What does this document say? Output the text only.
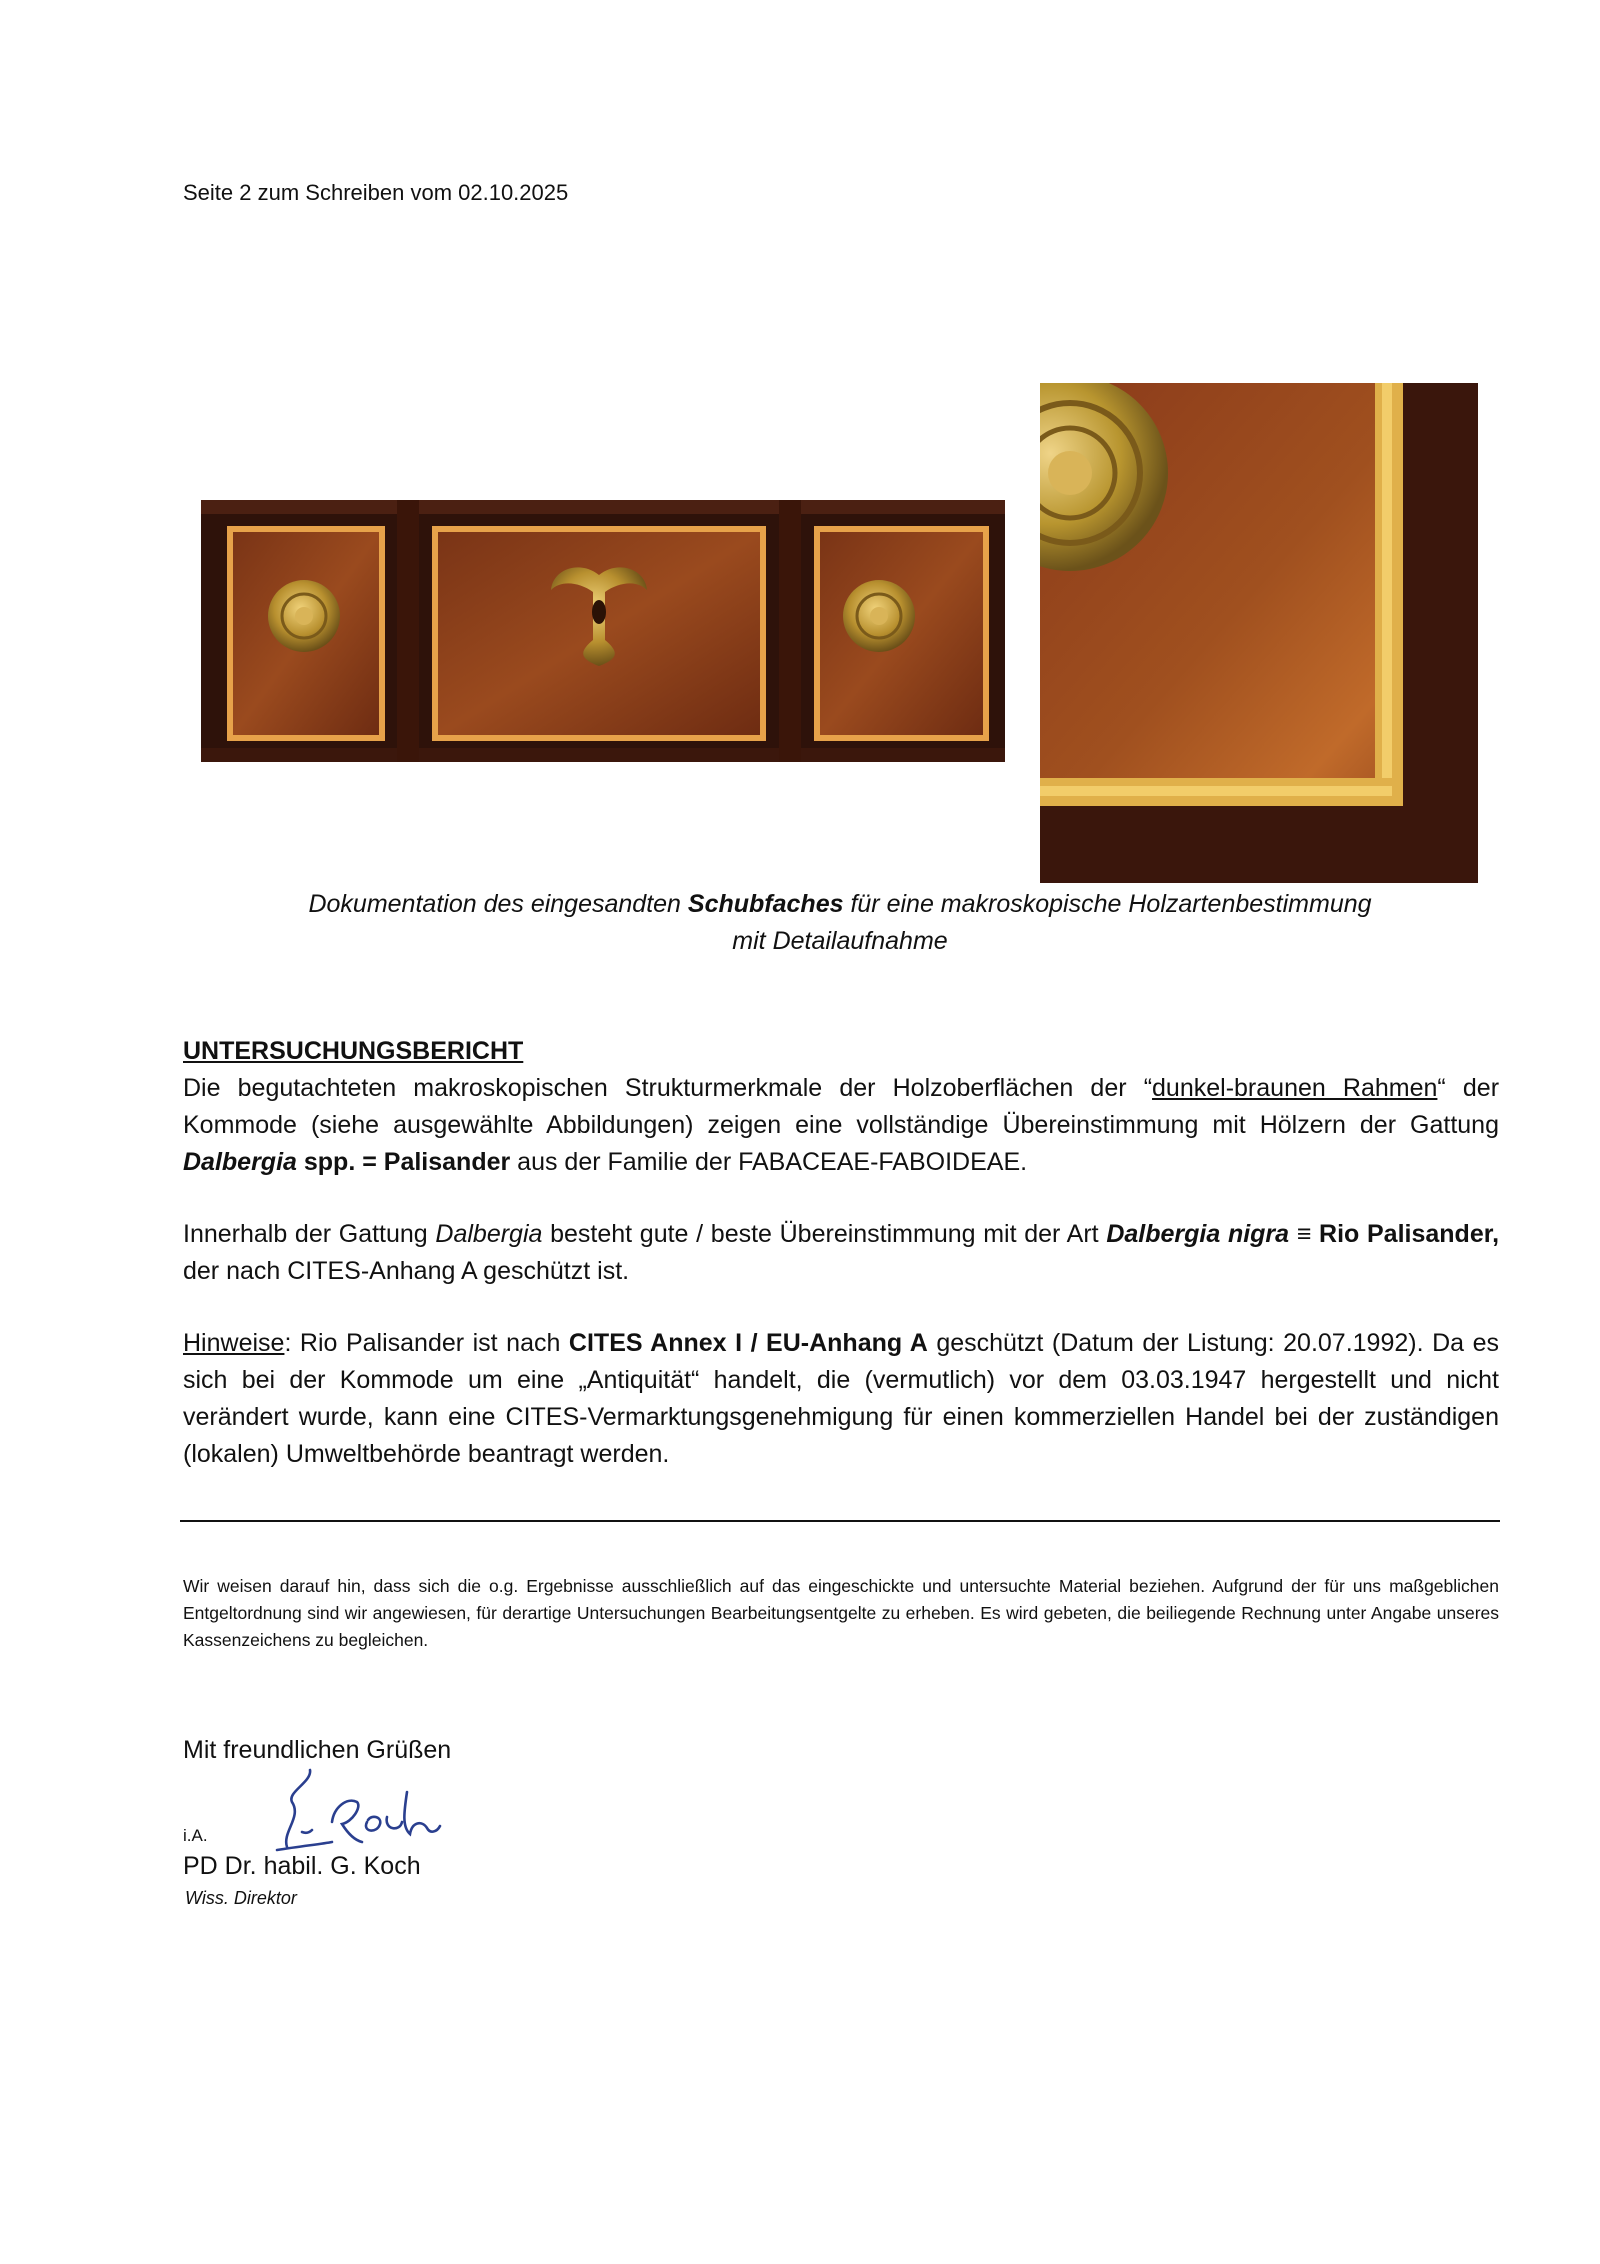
Seite 2 zum Schreiben vom 02.10.2025
Dokumentation des eingesandten Schubfaches für eine makroskopische Holzartenbestimmung
mit Detailaufnahme
UNTERSUCHUNGSBERICHT

Die begutachteten makroskopischen Strukturmerkmale der Holzoberflächen der “dunkel-braunen Rahmen“ der Kommode (siehe ausgewählte Abbildungen) zeigen eine vollständige Übereinstimmung mit Hölzern der Gattung Dalbergia spp. = Palisander aus der Familie der FABACEAE-FABOIDEAE.

Innerhalb der Gattung Dalbergia besteht gute / beste Übereinstimmung mit der Art Dalbergia nigra ≡ Rio Palisander, der nach CITES-Anhang A geschützt ist.

Hinweise: Rio Palisander ist nach CITES Annex I / EU-Anhang A geschützt (Datum der Listung: 20.07.1992). Da es sich bei der Kommode um eine „Antiquität“ handelt, die (vermutlich) vor dem 03.03.1947 hergestellt und nicht verändert wurde, kann eine CITES-Vermarktungsgenehmigung für einen kommerziellen Handel bei der zuständigen (lokalen) Umweltbehörde beantragt werden.

Wir weisen darauf hin, dass sich die o.g. Ergebnisse ausschließlich auf das eingeschickte und untersuchte Material beziehen. Aufgrund der für uns maßgeblichen Entgeltordnung sind wir angewiesen, für derartige Untersuchungen Bearbeitungsentgelte zu erheben. Es wird gebeten, die beiliegende Rechnung unter Angabe unseres Kassenzeichens zu begleichen.
Mit freundlichen Grüßen
i.A.
PD Dr. habil. G. Koch
Wiss. Direktor
